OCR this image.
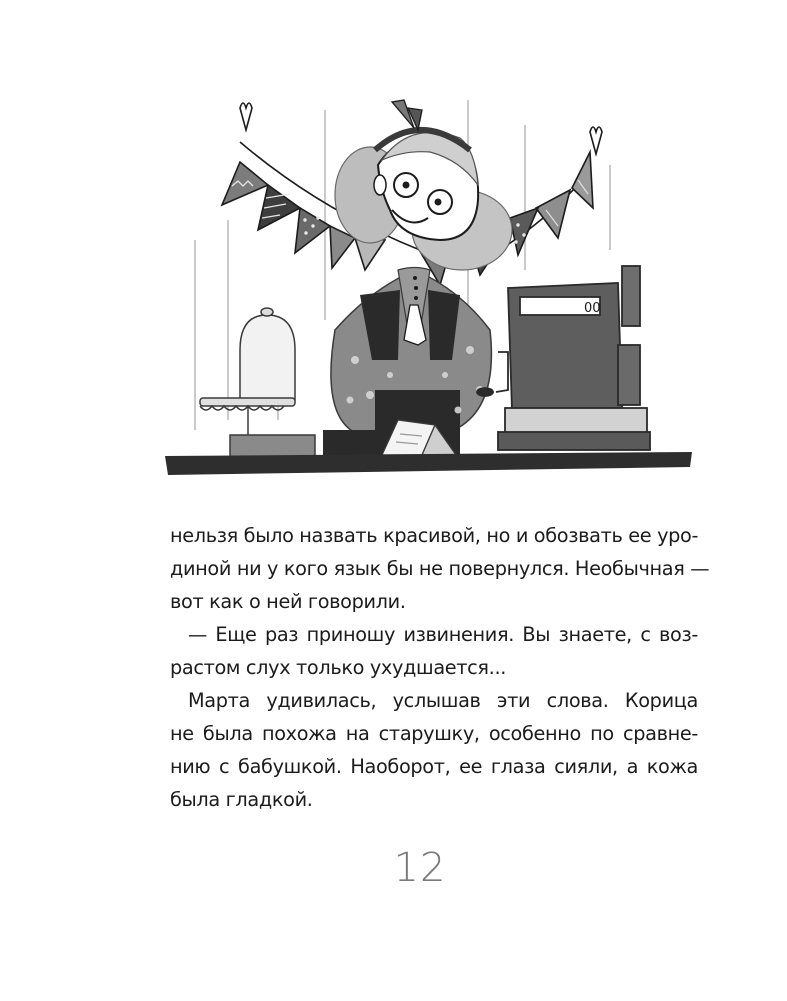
00
нельзя было назвать красивой, но и обозвать ее уро-
диной ни у кого язык бы не повернулся. Необычная —
вот как о ней говорили.
— Еще раз приношу извинения. Вы знаете, с воз-
растом слух только ухудшается...
Марта удивилась, услышав эти слова. Корица
не была похожа на старушку, особенно по сравне-
нию с бабушкой. Наоборот, ее глаза сияли, а кожа
была гладкой.
12
